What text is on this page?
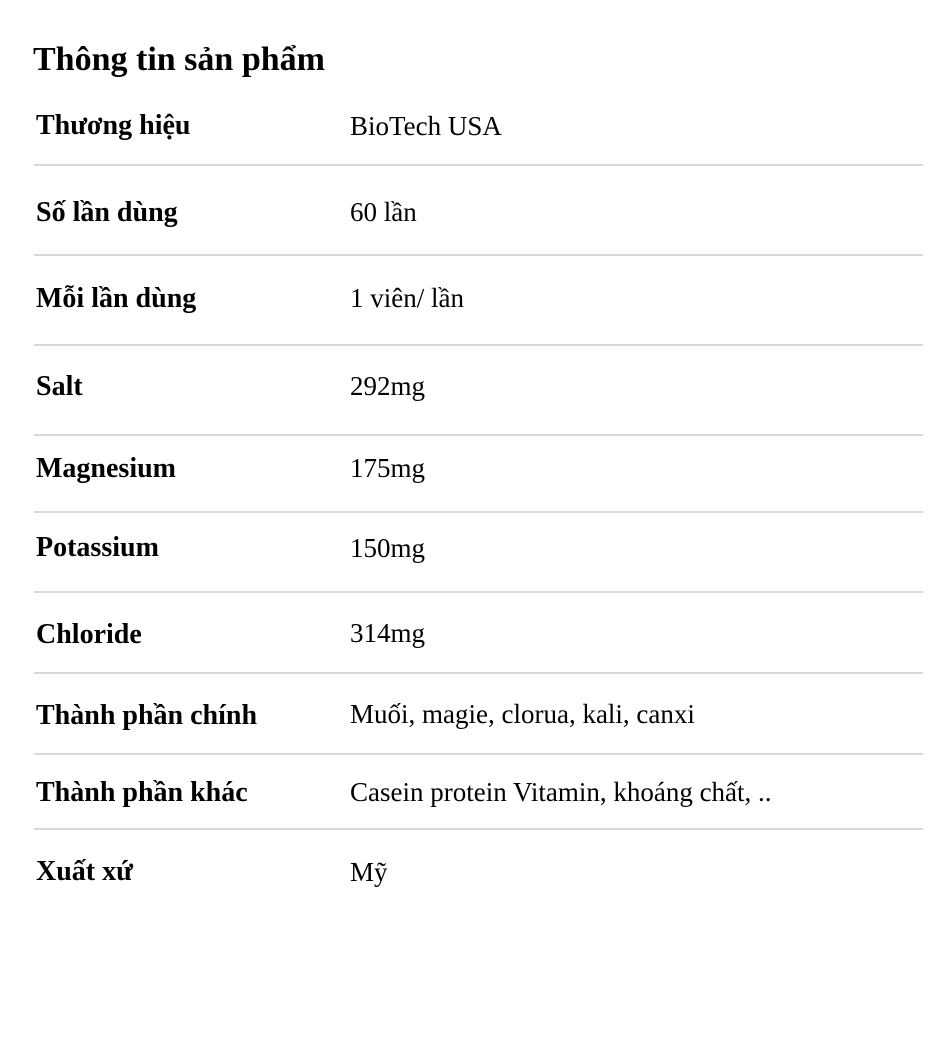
Thông tin sản phẩm
Thương hiệu	BioTech USA
Số lần dùng	60 lần
Mỗi lần dùng	1 viên/ lần
Salt	292mg
Magnesium	175mg
Potassium	150mg
Chloride	314mg
Thành phần chính	Muối, magie, clorua, kali, canxi
Thành phần khác	Casein protein Vitamin, khoáng chất, ..
Xuất xứ	Mỹ
